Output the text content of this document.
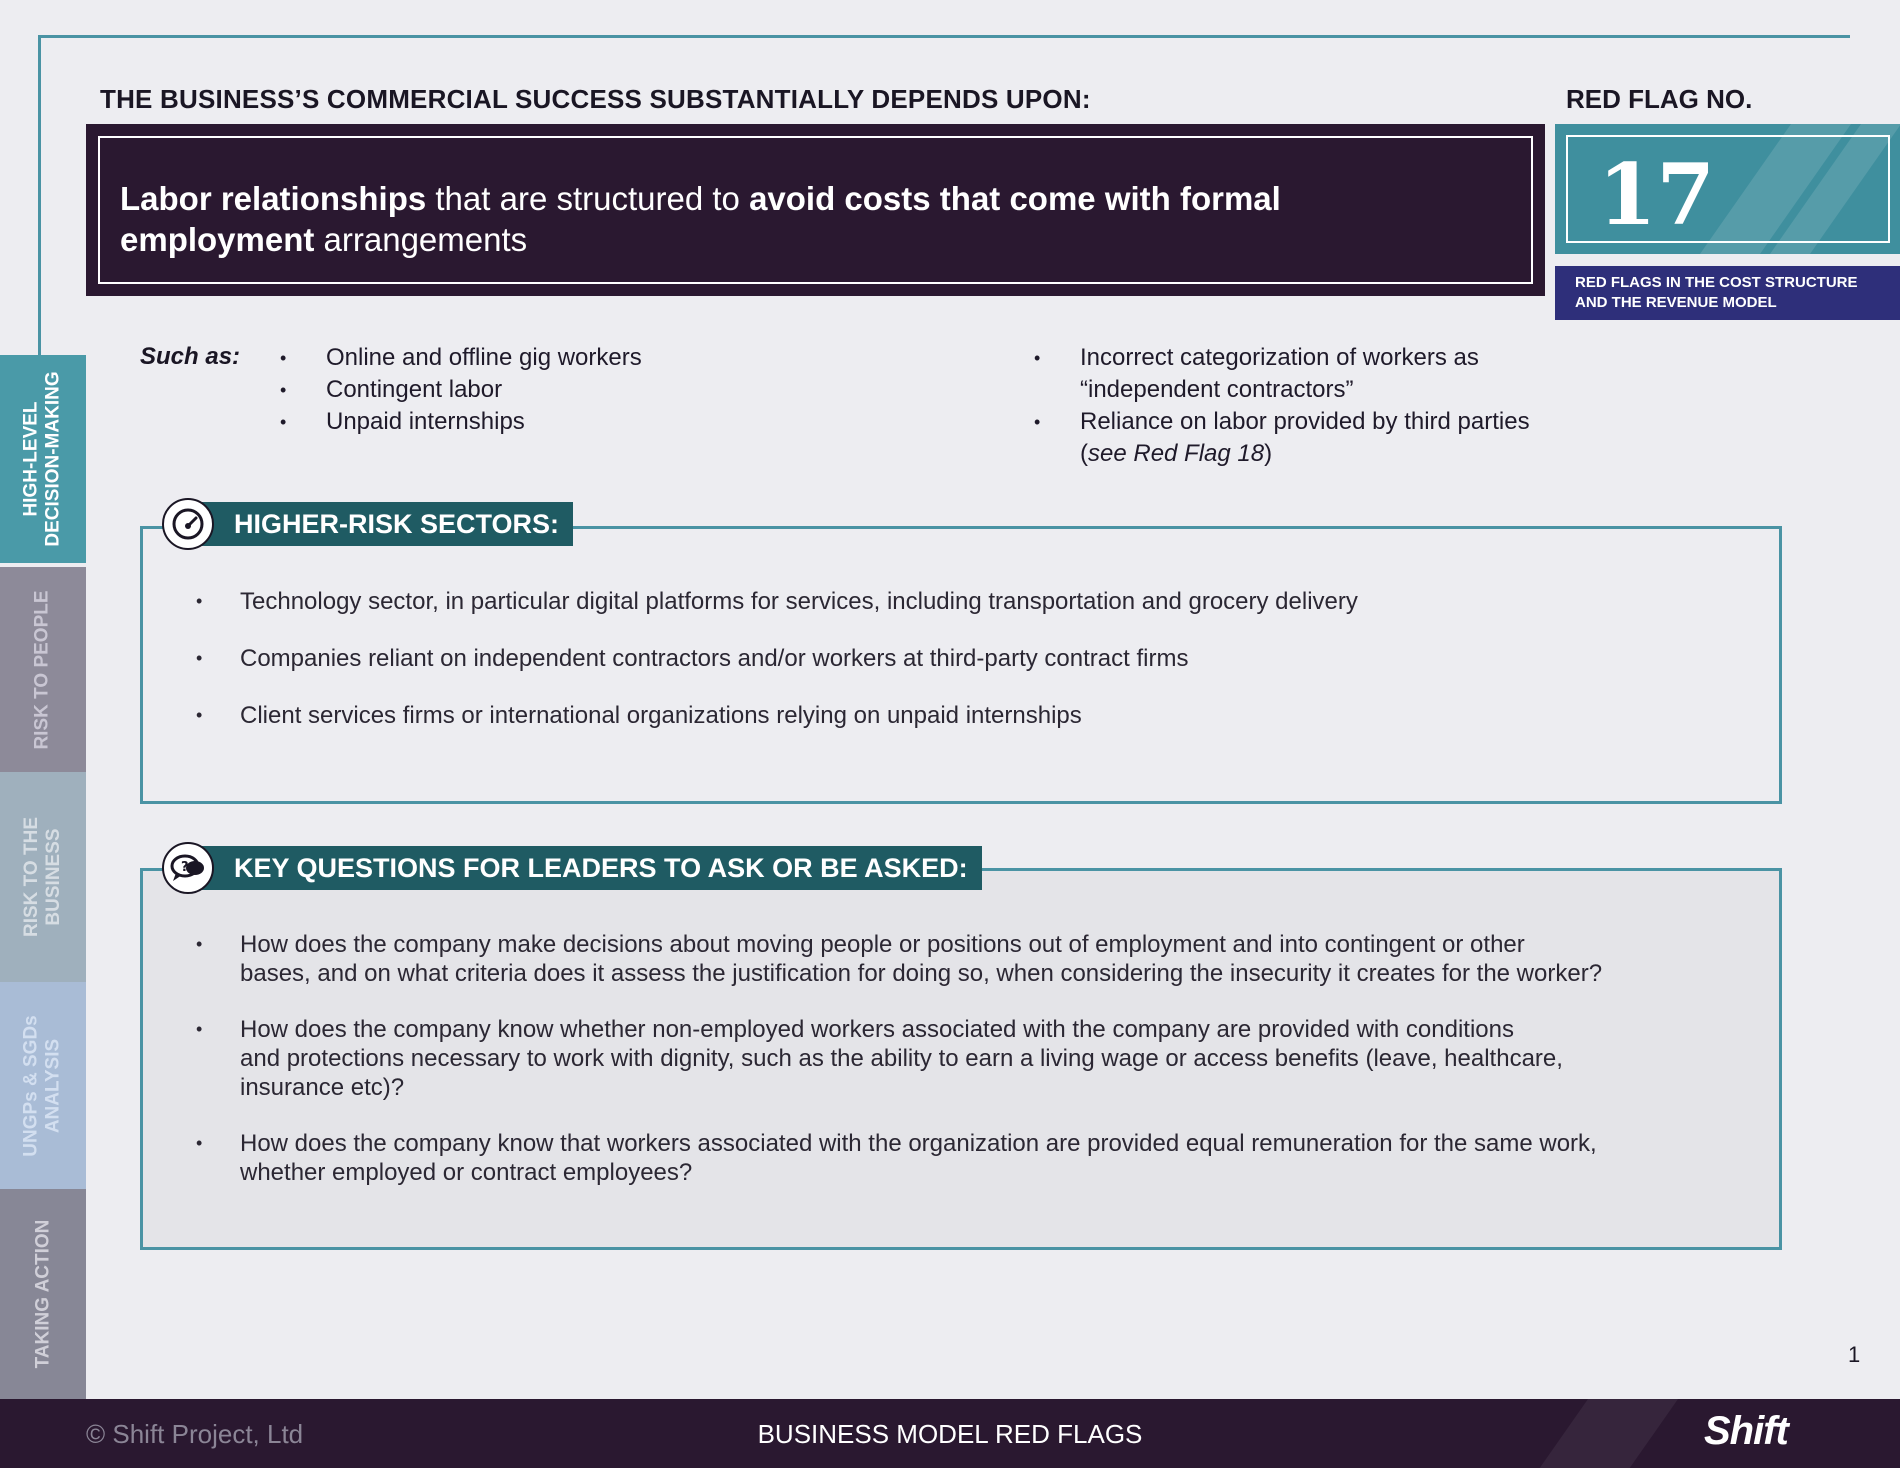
THE BUSINESS’S COMMERCIAL SUCCESS SUBSTANTIALLY DEPENDS UPON:	RED FLAG NO.
Labor relationships that are structured to avoid costs that come with formal employment arrangements	17
RED FLAGS IN THE COST STRUCTURE
AND THE REVENUE MODEL
HIGH-LEVEL DECISION-MAKING
RISK TO PEOPLE
RISK TO THE BUSINESS
UNGPs & SGDs ANALYSIS
TAKING ACTION
Such as:
•	Online and offline gig workers
• Contingent labor
• Unpaid internships
• Incorrect categorization of workers as
“independent contractors”
• Reliance on labor provided by third parties
(see Red Flag 18)
HIGHER-RISK SECTORS:
• Technology sector, in particular digital platforms for services, including transportation and grocery delivery
• Companies reliant on independent contractors and/or workers at third-party contract firms
• Client services firms or international organizations relying on unpaid internships
KEY QUESTIONS FOR LEADERS TO ASK OR BE ASKED:
?
• How does the company make decisions about moving people or positions out of employment and into contingent or other
bases, and on what criteria does it assess the justification for doing so, when considering the insecurity it creates for the worker?
• How does the company know whether non-employed workers associated with the company are provided with conditions
and protections necessary to work with dignity, such as the ability to earn a living wage or access benefits (leave, healthcare,
insurance etc)?
• How does the company know that workers associated with the organization are provided equal remuneration for the same work,
whether employed or contract employees?
1
© Shift Project, Ltd	BUSINESS MODEL RED FLAGS	Shift
